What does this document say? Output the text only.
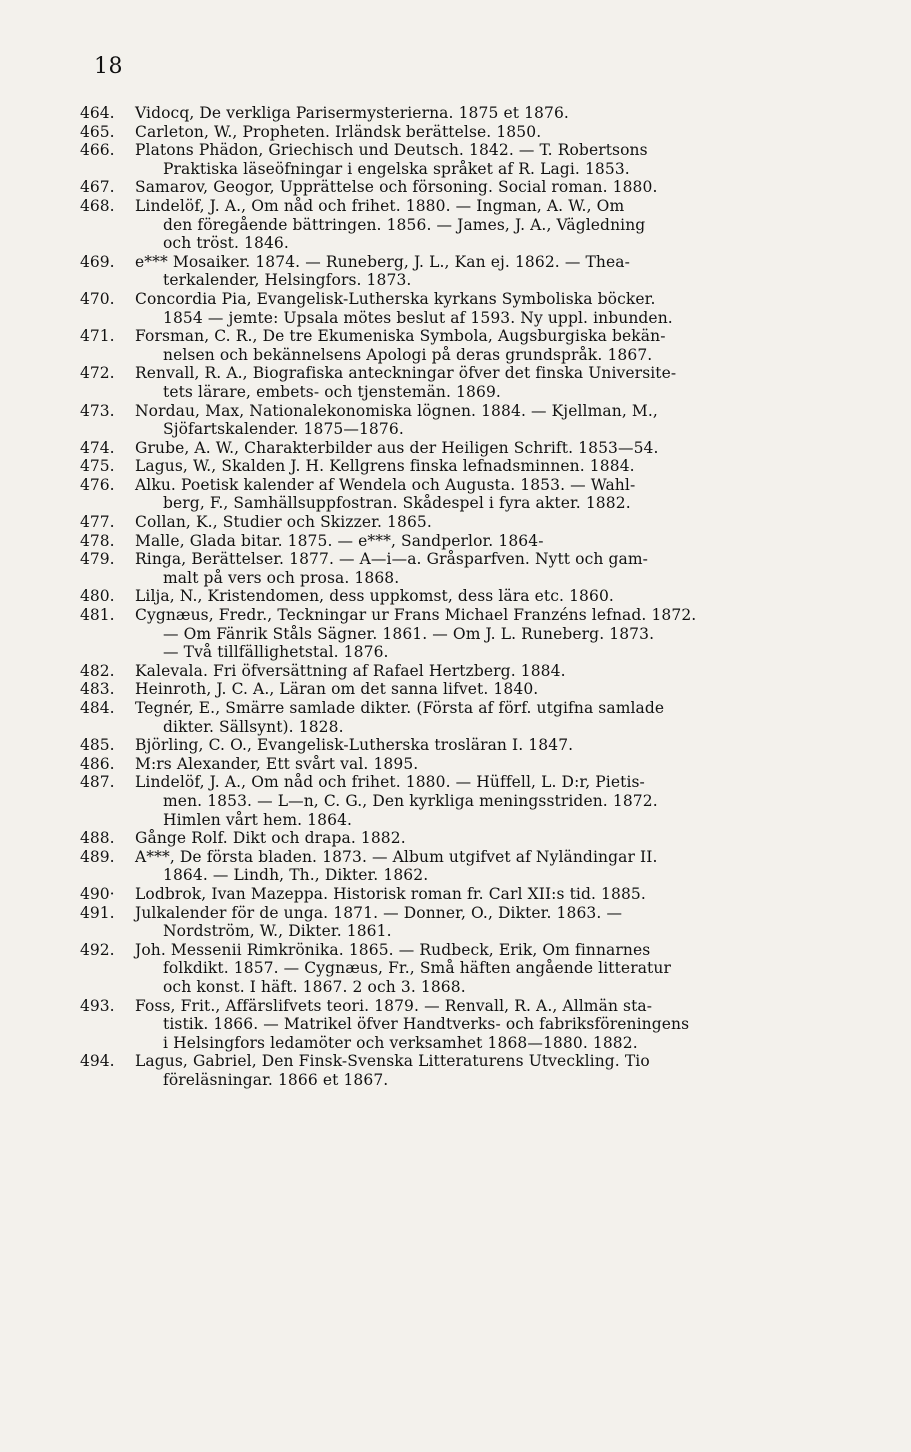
18
464.	Vidocq, De verkliga Parisermysterierna. 1875 et 1876.
465.	Carleton, W., Propheten. Irländsk berättelse. 1850.
466.	Platons Phädon, Griechisch und Deutsch. 1842. — T. Robertsons
Praktiska läseöfningar i engelska språket af R. Lagi. 1853.
467.	Samarov, Geogor, Upprättelse och försoning. Social roman. 1880.
468.	Lindelöf, J. A., Om nåd och frihet. 1880. — Ingman, A. W., Om
den föregående bättringen. 1856. — James, J. A., Vägledning
och tröst. 1846.
469.	e*** Mosaiker. 1874. — Runeberg, J. L., Kan ej. 1862. — Thea-
terkalender, Helsingfors. 1873.
470.	Concordia Pia, Evangelisk-Lutherska kyrkans Symboliska böcker.
1854 — jemte: Upsala mötes beslut af 1593. Ny uppl. inbunden.
471.	Forsman, C. R., De tre Ekumeniska Symbola, Augsburgiska bekän-
nelsen och bekännelsens Apologi på deras grundspråk. 1867.
472.	Renvall, R. A., Biografiska anteckningar öfver det finska Universite-
tets lärare, embets- och tjenstemän. 1869.
473.	Nordau, Max, Nationalekonomiska lögnen. 1884. — Kjellman, M.,
Sjöfartskalender. 1875—1876.
474.	Grube, A. W., Charakterbilder aus der Heiligen Schrift. 1853—54.
475.	Lagus, W., Skalden J. H. Kellgrens finska lefnadsminnen. 1884.
476.	Alku. Poetisk kalender af Wendela och Augusta. 1853. — Wahl-
berg, F., Samhällsuppfostran. Skådespel i fyra akter. 1882.
477.	Collan, K., Studier och Skizzer. 1865.
478.	Malle, Glada bitar. 1875. — e***, Sandperlor. 1864-
479.	Ringa, Berättelser. 1877. — A—i—a. Gråsparfven. Nytt och gam-
malt på vers och prosa. 1868.
480.	Lilja, N., Kristendomen, dess uppkomst, dess lära etc. 1860.
481.	Cygnæus, Fredr., Teckningar ur Frans Michael Franzéns lefnad. 1872.
— Om Fänrik Ståls Sägner. 1861. — Om J. L. Runeberg. 1873.
— Två tillfällighetstal. 1876.
482.	Kalevala. Fri öfversättning af Rafael Hertzberg. 1884.
483.	Heinroth, J. C. A., Läran om det sanna lifvet. 1840.
484.	Tegnér, E., Smärre samlade dikter. (Första af förf. utgifna samlade
dikter. Sällsynt). 1828.
485.	Björling, C. O., Evangelisk-Lutherska trosläran I. 1847.
486.	M:rs Alexander, Ett svårt val. 1895.
487.	Lindelöf, J. A., Om nåd och frihet. 1880. — Hüffell, L. D:r, Pietis-
men. 1853. — L—n, C. G., Den kyrkliga meningsstriden. 1872.
Himlen vårt hem. 1864.
488.	Gånge Rolf. Dikt och drapa. 1882.
489.	A***, De första bladen. 1873. — Album utgifvet af Nyländingar II.
1864. — Lindh, Th., Dikter. 1862.
490·	Lodbrok, Ivan Mazeppa. Historisk roman fr. Carl XII:s tid. 1885.
491.	Julkalender för de unga. 1871. — Donner, O., Dikter. 1863. —
Nordström, W., Dikter. 1861.
492.	Joh. Messenii Rimkrönika. 1865. — Rudbeck, Erik, Om finnarnes
folkdikt. 1857. — Cygnæus, Fr., Små häften angående litteratur
och konst. I häft. 1867. 2 och 3. 1868.
493.	Foss, Frit., Affärslifvets teori. 1879. — Renvall, R. A., Allmän sta-
tistik. 1866. — Matrikel öfver Handtverks- och fabriksföreningens
i Helsingfors ledamöter och verksamhet 1868—1880. 1882.
494.	Lagus, Gabriel, Den Finsk-Svenska Litteraturens Utveckling. Tio
föreläsningar. 1866 et 1867.
